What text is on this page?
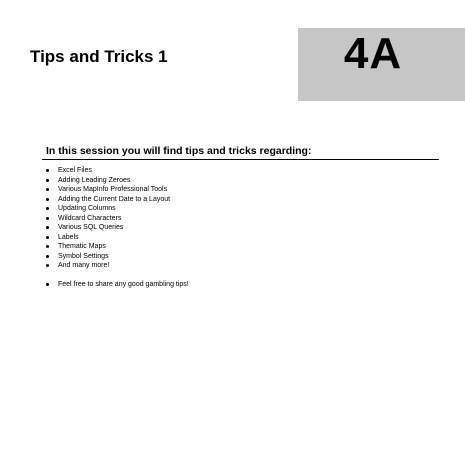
4A
Tips and Tricks 1
In this session you will find tips and tricks regarding:
Excel Files
Adding Leading Zeroes
Various MapInfo Professional Tools
Adding the Current Date to a Layout
Updating Columns
Wildcard Characters
Various SQL Queries
Labels
Thematic Maps
Symbol Settings
And many more!
Feel free to share any good gambling tips!
